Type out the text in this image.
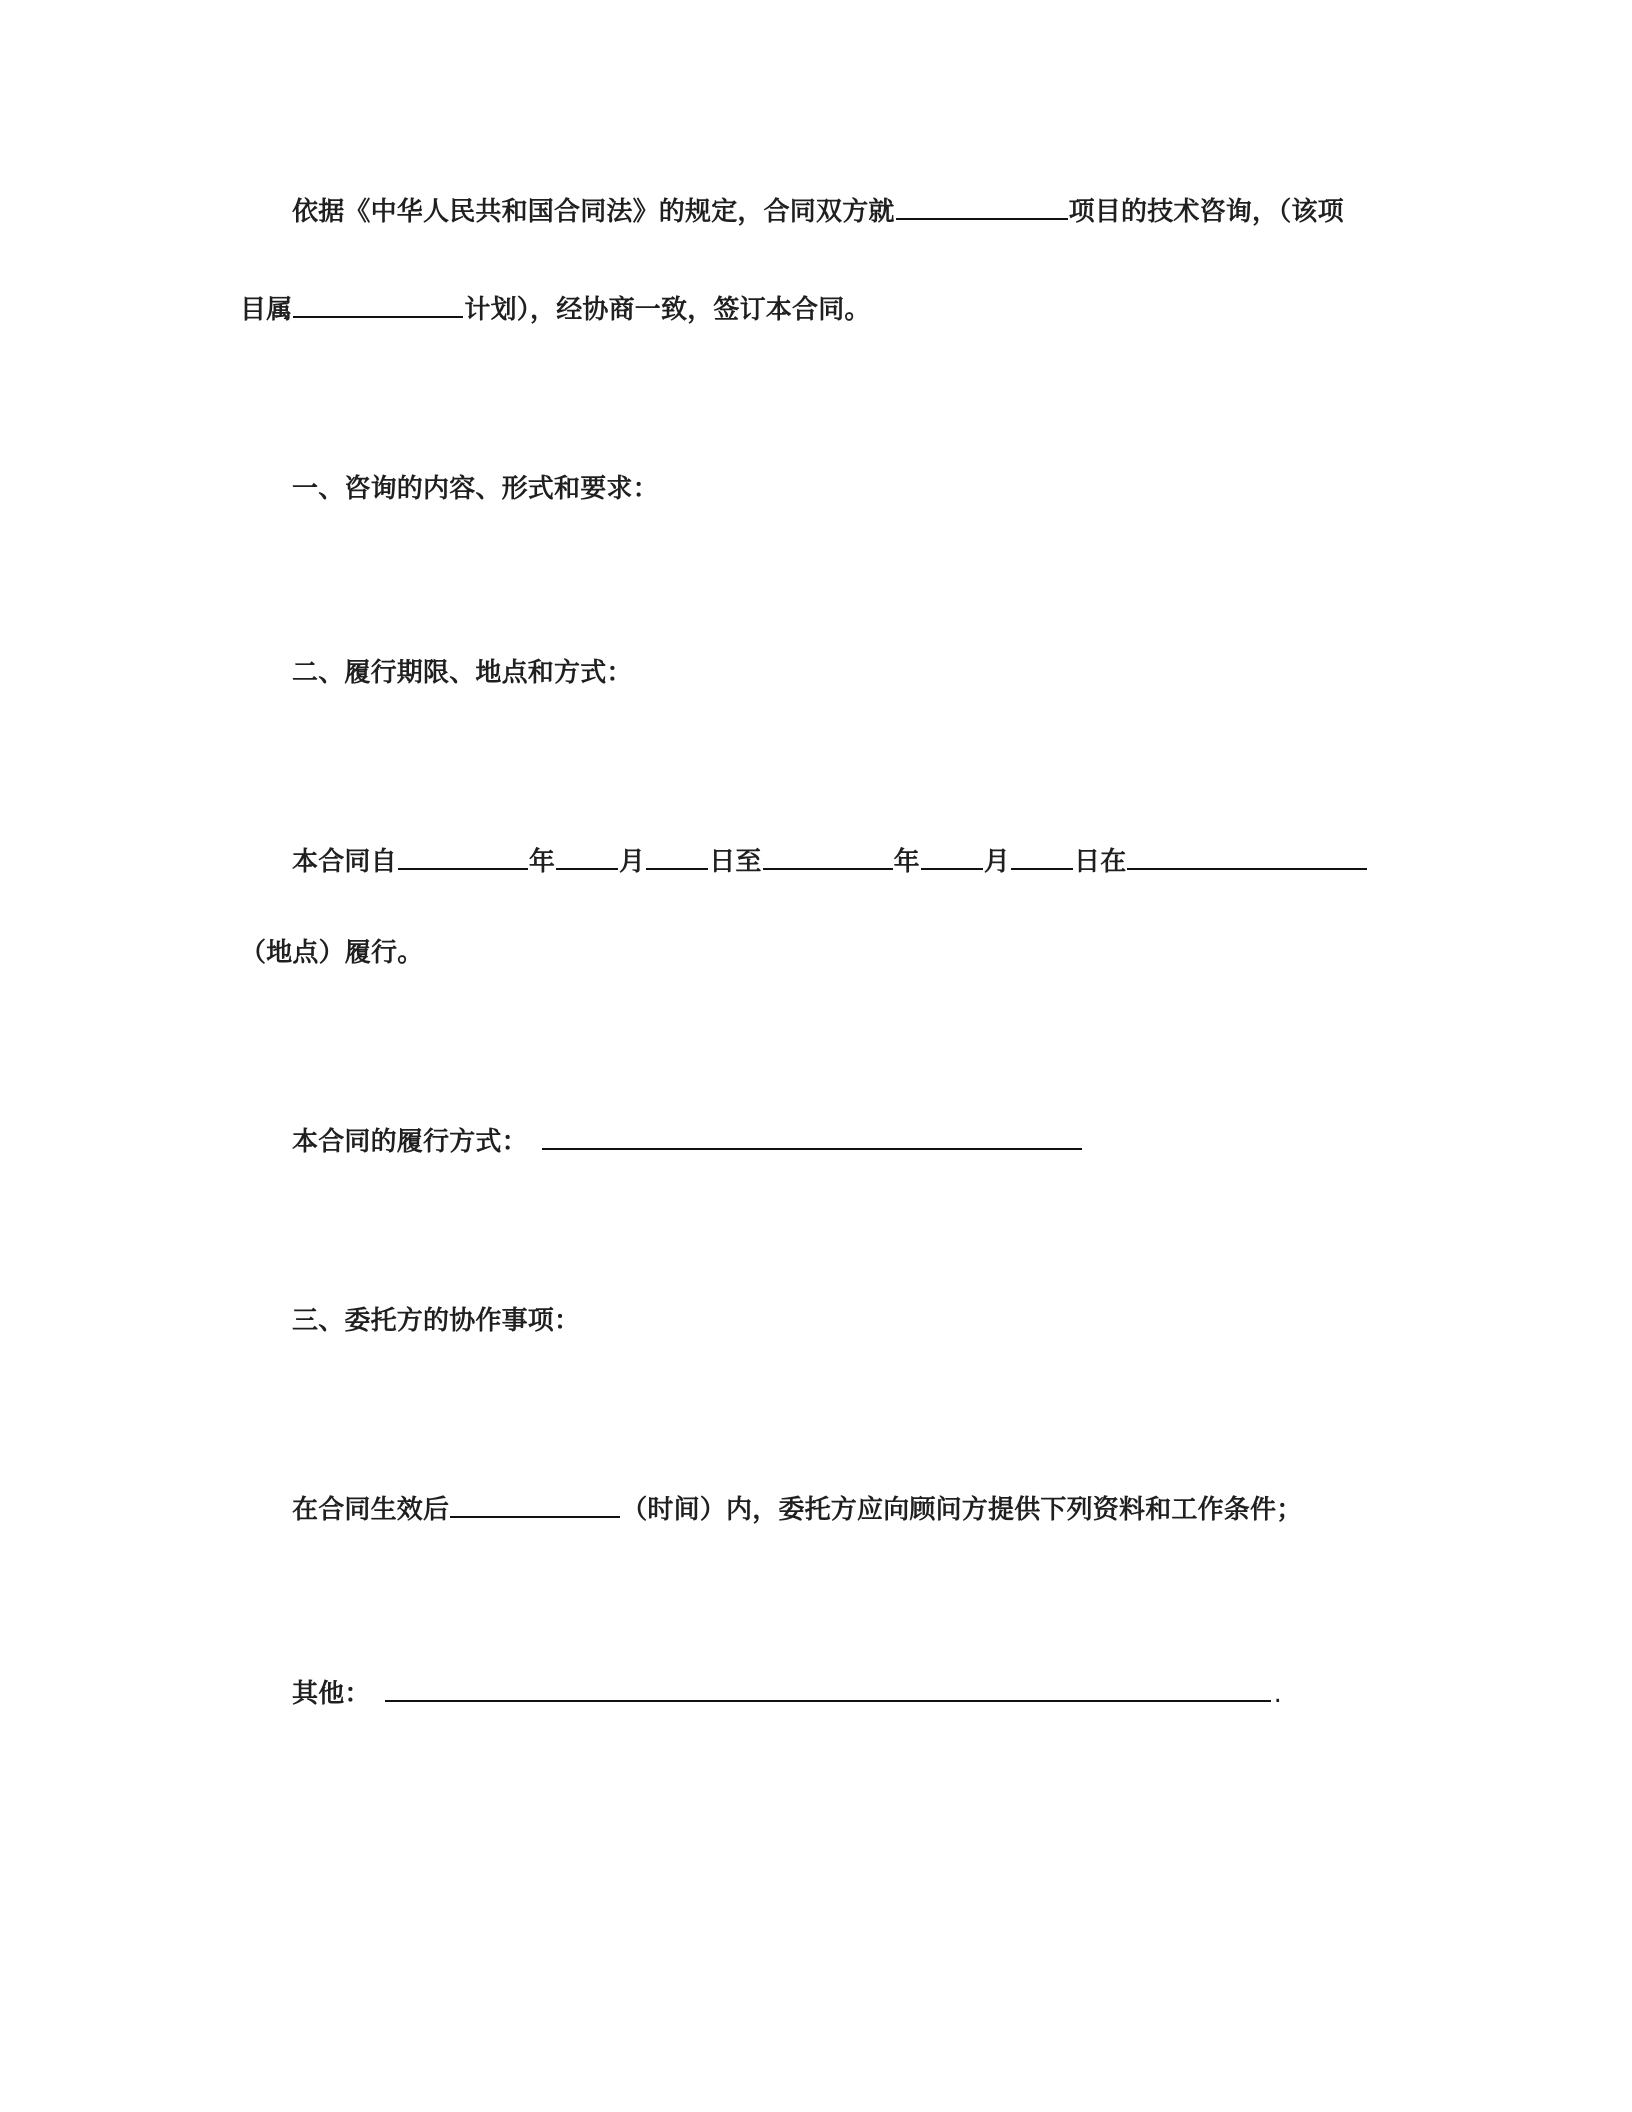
依据《中华人民共和国合同法》的规定，合同双方就	项目的技术咨询，（该项
目属	计划），经协商一致，签订本合同。
一、咨询的内容、形式和要求：
二、履行期限、地点和方式：
本合同自	年 月 日至	年 月 日在
（地点）履行。
本合同的履行方式：
三、委托方的协作事项：
在合同生效后	（时间）内，委托方应向顾问方提供下列资料和工作条件；
其他：	.
